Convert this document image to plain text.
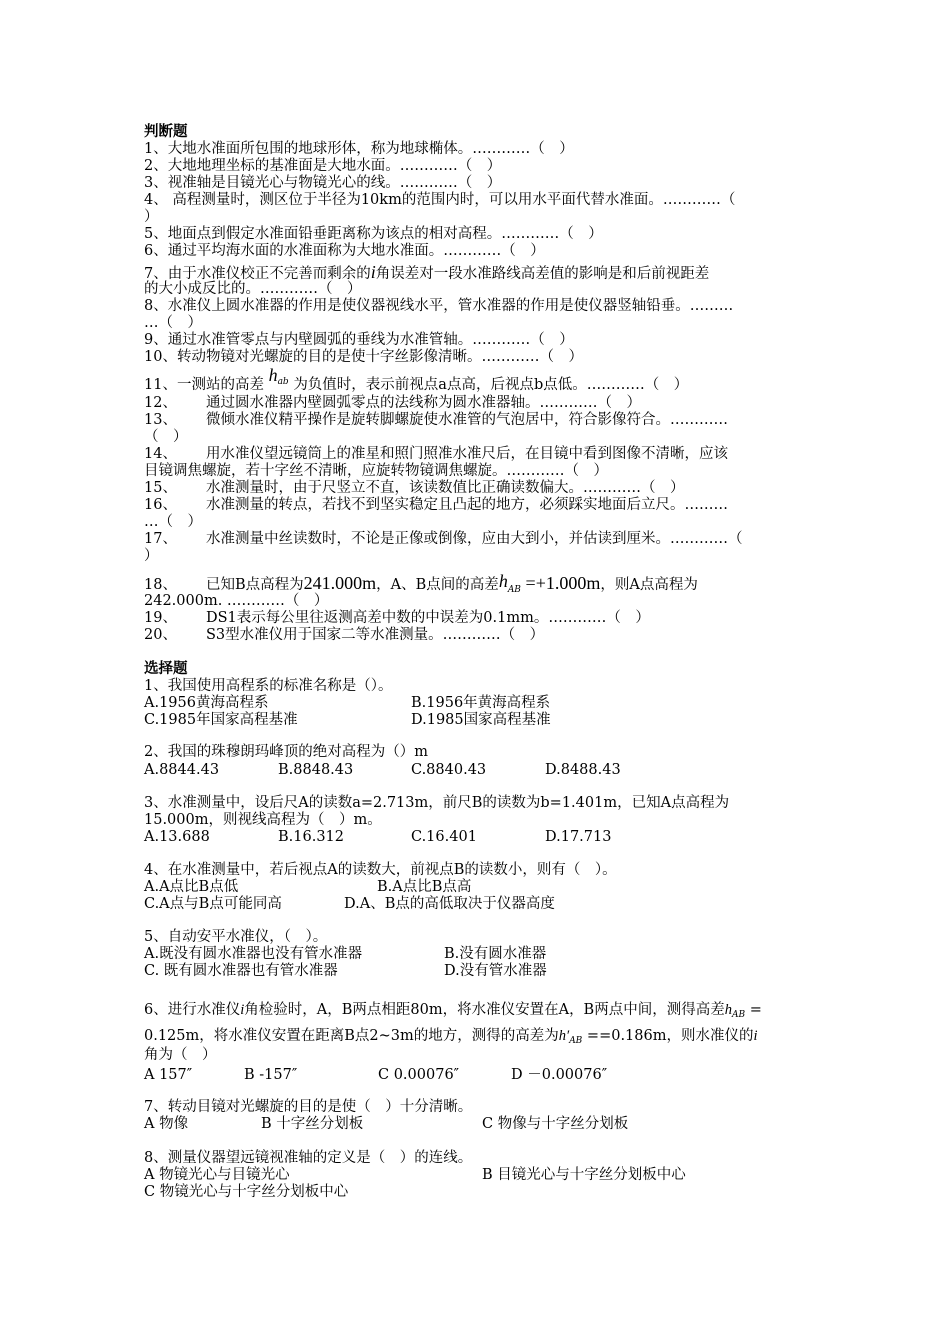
判断题
1、大地水准面所包围的地球形体，称为地球椭体。…………（　）
2、大地地理坐标的基准面是大地水面。…………（　）
3、视准轴是目镜光心与物镜光心的线。…………（　）
4、 高程测量时，测区位于半径为10km的范围内时，可以用水平面代替水准面。…………（
）
5、地面点到假定水准面铅垂距离称为该点的相对高程。…………（　）
6、通过平均海水面的水准面称为大地水准面。…………（　）
7、由于水准仪校正不完善而剩余的i角误差对一段水准路线高差值的影响是和后前视距差
的大小成反比的。…………（　）
8、水准仪上圆水准器的作用是使仪器视线水平，管水准器的作用是使仪器竖轴铅垂。………
…（　）
9、通过水准管零点与内壁圆弧的垂线为水准管轴。…………（　）
10、转动物镜对光螺旋的目的是使十字丝影像清晰。…………（　）
11、一测站的高差 $h^{ab}$ 为负值时，表示前视点a点高，后视点b点低。…………（　）
12、 通过圆水准器内壁圆弧零点的法线称为圆水准器轴。…………（　）
13、 微倾水准仪精平操作是旋转脚螺旋使水准管的气泡居中，符合影像符合。…………
（　）
14、 用水准仪望远镜筒上的准星和照门照准水准尺后，在目镜中看到图像不清晰，应该
目镜调焦螺旋，若十字丝不清晰，应旋转物镜调焦螺旋。…………（　）
15、 水准测量时，由于尺竖立不直，该读数值比正确读数偏大。…………（　）
16、 水准测量的转点，若找不到坚实稳定且凸起的地方，必须踩实地面后立尺。………
…（　）
17、 水准测量中丝读数时，不论是正像或倒像，应由大到小，并估读到厘米。…………（
）
18、 已知B点高程为241.000m，A、B点间的高差$h_{AB} =+1.000m$，则A点高程为
242.000m. …………（　）
19、 DS1表示每公里往返测高差中数的中误差为0.1mm。…………（　）
20、 S3型水准仪用于国家二等水准测量。…………（　）
选择题
1、我国使用高程系的标准名称是（）。
A.1956黄海高程系	B.1956年黄海高程系
C.1985年国家高程基准	D.1985国家高程基准
2、我国的珠穆朗玛峰顶的绝对高程为（）m
A.8844.43	B.8848.43	C.8840.43	D.8488.43
3、水准测量中，设后尺A的读数a=2.713m，前尺B的读数为b=1.401m，已知A点高程为
15.000m，则视线高程为（　）m。
A.13.688	B.16.312	C.16.401	D.17.713
4、在水准测量中，若后视点A的读数大，前视点B的读数小，则有（　）。
A.A点比B点低	B.A点比B点高
C.A点与B点可能同高	D.A、B点的高低取决于仪器高度
5、自动安平水准仪，（　）。
A.既没有圆水准器也没有管水准器	B.没有圆水准器
C. 既有圆水准器也有管水准器	D.没有管水准器
6、进行水准仪i角检验时，A，B两点相距80m，将水准仪安置在A，B两点中间，测得高差$h_{AB}$ =
0.125m，将水准仪安置在距离B点2~3m的地方，测得的高差为$h'_{AB} ==0.186m$，则水准仪的i
角为（　）
A 157″	B -157″	C 0.00076″	D －0.00076″
7、转动目镜对光螺旋的目的是使（　）十分清晰。
A 物像	B 十字丝分划板	C 物像与十字丝分划板
8、测量仪器望远镜视准轴的定义是（　）的连线。
A 物镜光心与目镜光心	B 目镜光心与十字丝分划板中心
C 物镜光心与十字丝分划板中心
